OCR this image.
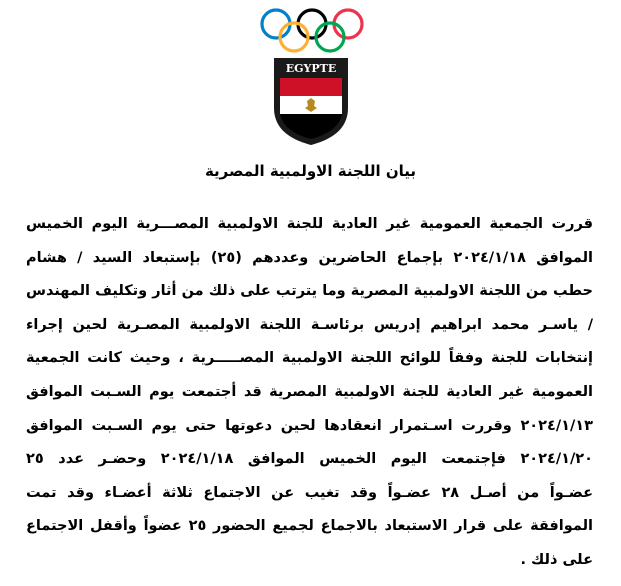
EGYPTE
بيان اللجنة الاولمبية المصرية
قررت الجمعية العمومية غير العادية للجنة الاولمبية المصـــرية اليوم الخميس
الموافق ٢٠٢٤/١/١٨ بإجماع الحاضرين وعددهم (٢٥) بإستبعاد السيد / هشام
حطب من اللجنة الاولمبية المصرية وما يترتب على ذلك من أثار وتكليف المهندس
/ ياسـر محمد ابراهيم إدريس برئاسـة اللجنة الاولمبية المصـرية لحين إجراء
إنتخابات للجنة وفقاً للوائح اللجنة الاولمبية المصـــــرية ، وحيث كانت الجمعية
العمومية غير العادية للجنة الاولمبية المصرية قد أجتمعت يوم السـبت الموافق
٢٠٢٤/١/١٣ وقررت اسـتمرار انعقادها لحين دعوتها حتى يوم السـبت الموافق
٢٠٢٤/١/٢٠ فإجتمعت اليوم الخميس الموافق ٢٠٢٤/١/١٨ وحضـر عدد ٢٥
عضـواً من أصـل ٢٨ عضـواً وقد تغيب عن الاجتماع ثلاثة أعضـاء وقد تمت
الموافقة على قرار الاستبعاد بالاجماع لجميع الحضور ٢٥ عضواً وأقفل الاجتماع
على ذلك .
